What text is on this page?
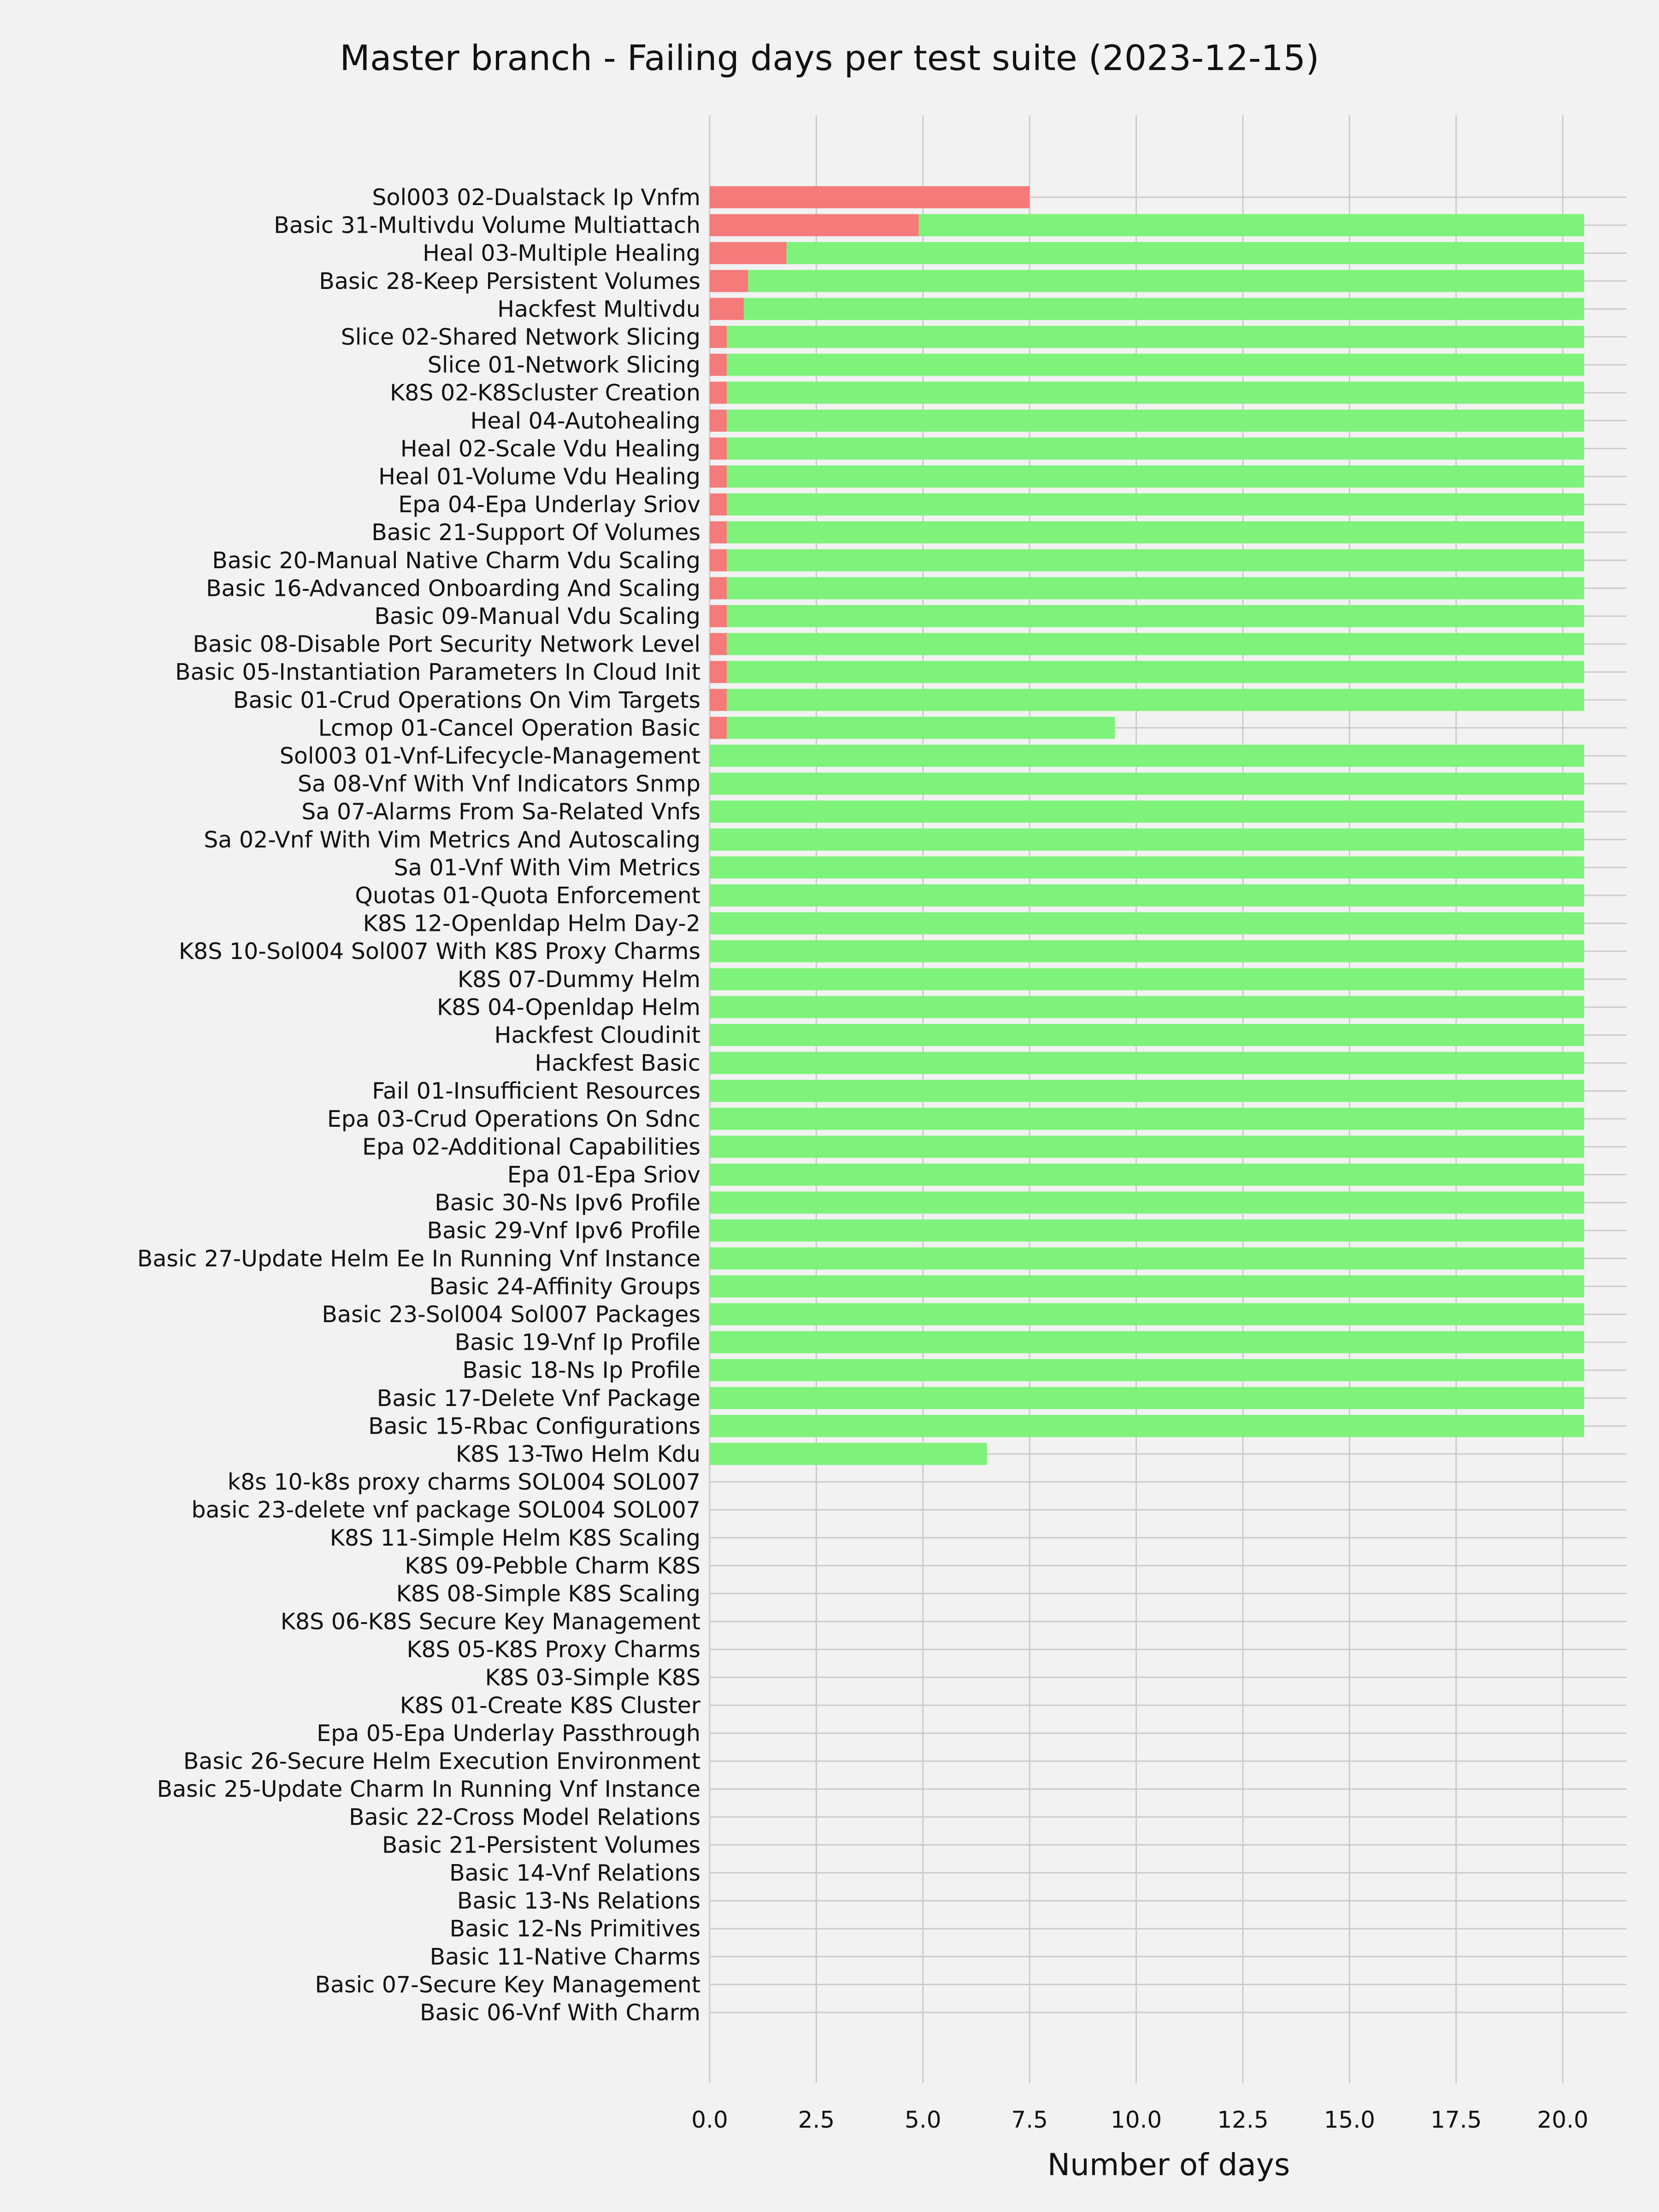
Sol003 02-Dualstack Ip Vnfm
Basic 31-Multivdu Volume Multiattach
Heal 03-Multiple Healing
Basic 28-Keep Persistent Volumes
Hackfest Multivdu
Slice 02-Shared Network Slicing
Slice 01-Network Slicing
K8S 02-K8Scluster Creation
Heal 04-Autohealing
Heal 02-Scale Vdu Healing
Heal 01-Volume Vdu Healing
Epa 04-Epa Underlay Sriov
Basic 21-Support Of Volumes
Basic 20-Manual Native Charm Vdu Scaling
Basic 16-Advanced Onboarding And Scaling
Basic 09-Manual Vdu Scaling
Basic 08-Disable Port Security Network Level
Basic 05-Instantiation Parameters In Cloud Init
Basic 01-Crud Operations On Vim Targets
Lcmop 01-Cancel Operation Basic
Sol003 01-Vnf-Lifecycle-Management
Sa 08-Vnf With Vnf Indicators Snmp
Sa 07-Alarms From Sa-Related Vnfs
Sa 02-Vnf With Vim Metrics And Autoscaling
Sa 01-Vnf With Vim Metrics
Quotas 01-Quota Enforcement
K8S 12-Openldap Helm Day-2
K8S 10-Sol004 Sol007 With K8S Proxy Charms
K8S 07-Dummy Helm
K8S 04-Openldap Helm
Hackfest Cloudinit
Hackfest Basic
Fail 01-Insufficient Resources
Epa 03-Crud Operations On Sdnc
Epa 02-Additional Capabilities
Epa 01-Epa Sriov
Basic 30-Ns Ipv6 Profile
Basic 29-Vnf Ipv6 Profile
Basic 27-Update Helm Ee In Running Vnf Instance
Basic 24-Affinity Groups
Basic 23-Sol004 Sol007 Packages
Basic 19-Vnf Ip Profile
Basic 18-Ns Ip Profile
Basic 17-Delete Vnf Package
Basic 15-Rbac Configurations
K8S 13-Two Helm Kdu
k8s 10-k8s proxy charms SOL004 SOL007
basic 23-delete vnf package SOL004 SOL007
K8S 11-Simple Helm K8S Scaling
K8S 09-Pebble Charm K8S
K8S 08-Simple K8S Scaling
K8S 06-K8S Secure Key Management
K8S 05-K8S Proxy Charms
K8S 03-Simple K8S
K8S 01-Create K8S Cluster
Epa 05-Epa Underlay Passthrough
Basic 26-Secure Helm Execution Environment
Basic 25-Update Charm In Running Vnf Instance
Basic 22-Cross Model Relations
Basic 21-Persistent Volumes
Basic 14-Vnf Relations
Basic 13-Ns Relations
Basic 12-Ns Primitives
Basic 11-Native Charms
Basic 07-Secure Key Management
Basic 06-Vnf With Charm
0.0	2.5	5.0	7.5	10.0 12.5 15.0 17.5 20.0
Master branch - Failing days per test suite (2023-12-15)
Number of days
